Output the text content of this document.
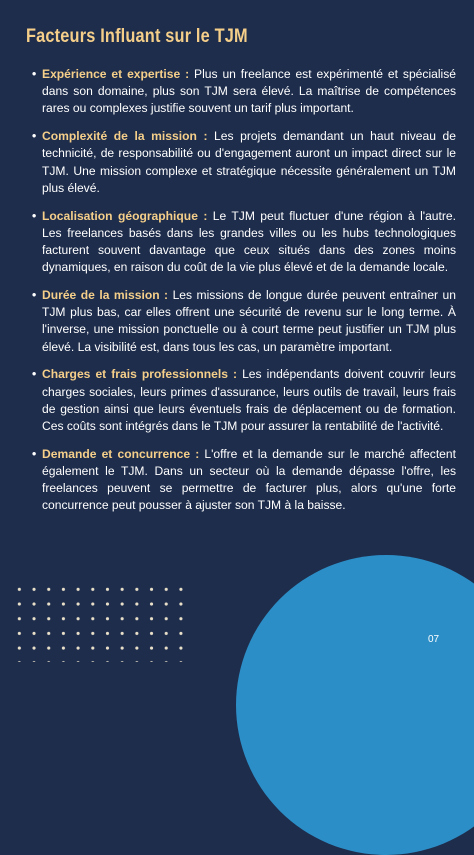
Facteurs Influant sur le TJM
• Expérience et expertise : Plus un freelance est expérimenté et spécialisé dans son domaine, plus son TJM sera élevé. La maîtrise de compétences rares ou complexes justifie souvent un tarif plus important.
• Complexité de la mission : Les projets demandant un haut niveau de technicité, de responsabilité ou d'engagement auront un impact direct sur le TJM. Une mission complexe et stratégique nécessite généralement un TJM plus élevé.
• Localisation géographique : Le TJM peut fluctuer d'une région à l'autre. Les freelances basés dans les grandes villes ou les hubs technologiques facturent souvent davantage que ceux situés dans des zones moins dynamiques, en raison du coût de la vie plus élevé et de la demande locale.
• Durée de la mission : Les missions de longue durée peuvent entraîner un TJM plus bas, car elles offrent une sécurité de revenu sur le long terme. À l'inverse, une mission ponctuelle ou à court terme peut justifier un TJM plus élevé. La visibilité est, dans tous les cas, un paramètre important.
• Charges et frais professionnels : Les indépendants doivent couvrir leurs charges sociales, leurs primes d'assurance, leurs outils de travail, leurs frais de gestion ainsi que leurs éventuels frais de déplacement ou de formation. Ces coûts sont intégrés dans le TJM pour assurer la rentabilité de l'activité.
• Demande et concurrence : L'offre et la demande sur le marché affectent également le TJM. Dans un secteur où la demande dépasse l'offre, les freelances peuvent se permettre de facturer plus, alors qu'une forte concurrence peut pousser à ajuster son TJM à la baisse.
07
